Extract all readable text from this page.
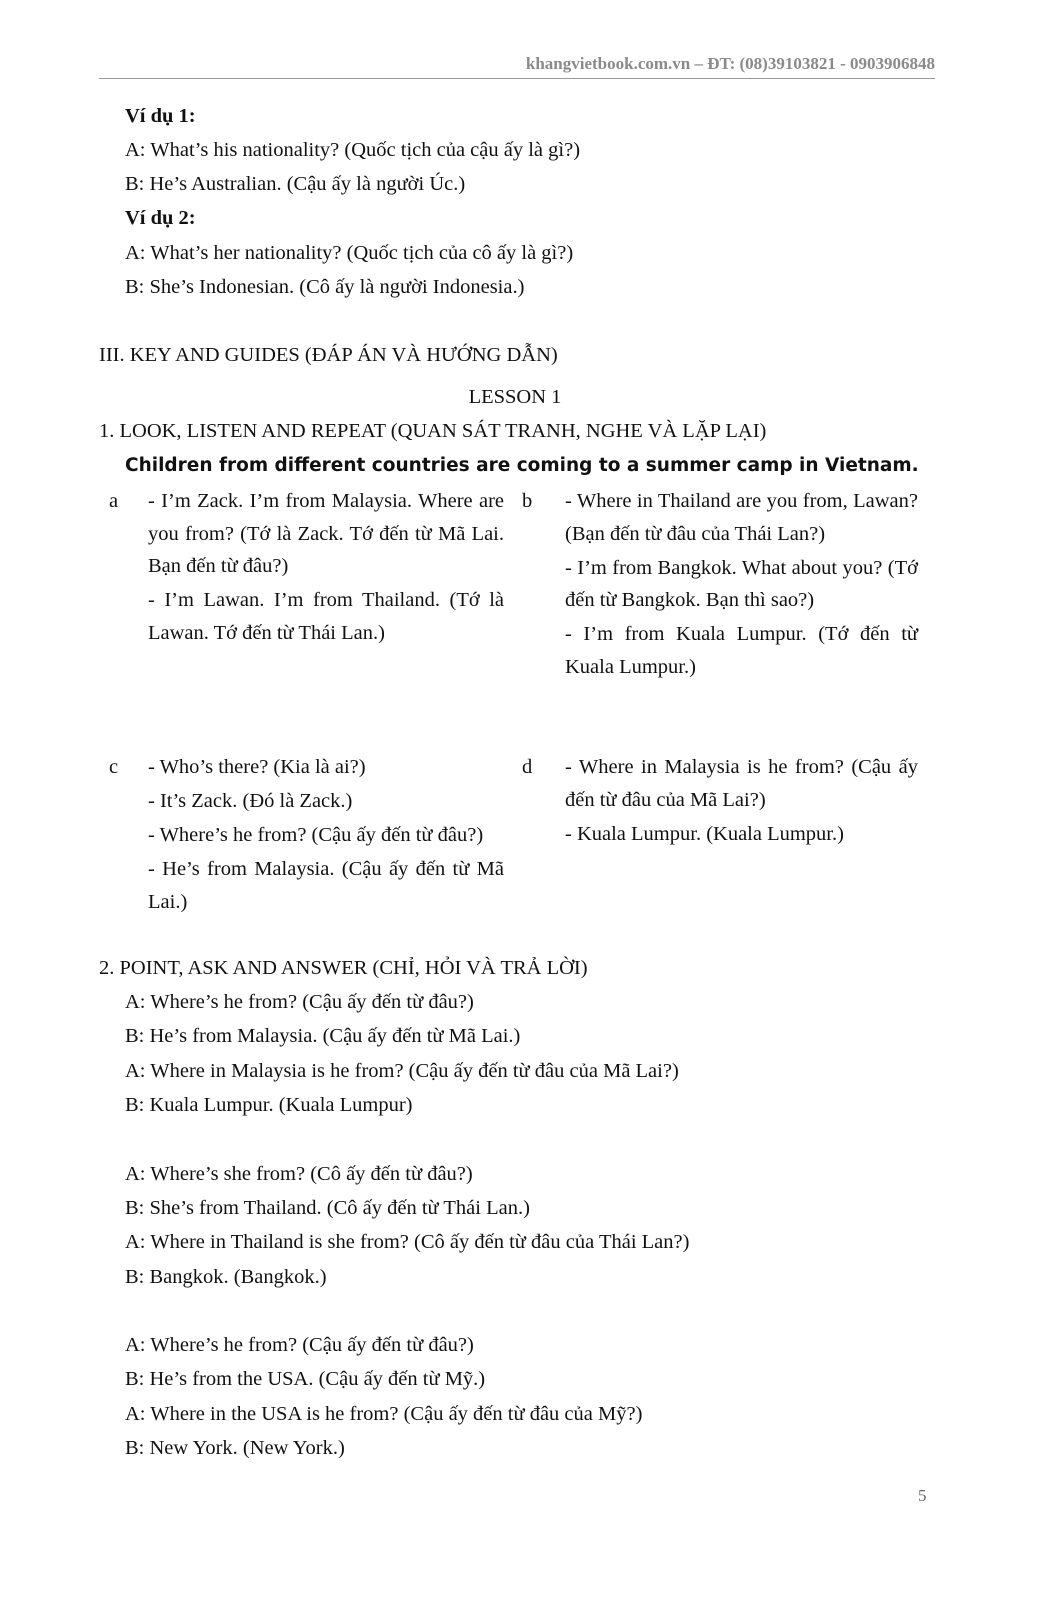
khangvietbook.com.vn – ĐT: (08)39103821 - 0903906848
Ví dụ 1:
A: What’s his nationality? (Quốc tịch của cậu ấy là gì?)
B: He’s Australian. (Cậu ấy là người Úc.)
Ví dụ 2:
A: What’s her nationality? (Quốc tịch của cô ấy là gì?)
B: She’s Indonesian. (Cô ấy là người Indonesia.)
III. KEY AND GUIDES (ĐÁP ÁN VÀ HƯỚNG DẪN)
LESSON 1
1. LOOK, LISTEN AND REPEAT (QUAN SÁT TRANH, NGHE VÀ LẶP LẠI)
Children from different countries are coming to a summer camp in Vietnam.
a - I’m Zack. I’m from Malaysia. Where are you from? (Tớ là Zack. Tớ đến từ Mã Lai. Bạn đến từ đâu?)

- I’m Lawan. I’m from Thailand. (Tớ là Lawan. Tớ đến từ Thái Lan.)

b - Where in Thailand are you from, Lawan? (Bạn đến từ đâu của Thái Lan?)

- I’m from Bangkok. What about you? (Tớ đến từ Bangkok. Bạn thì sao?)

- I’m from Kuala Lumpur. (Tớ đến từ Kuala Lumpur.)

c - Who’s there? (Kia là ai?)

- It’s Zack. (Đó là Zack.)

- Where’s he from? (Cậu ấy đến từ đâu?)

- He’s from Malaysia. (Cậu ấy đến từ Mã Lai.)

d - Where in Malaysia is he from? (Cậu ấy đến từ đâu của Mã Lai?)

- Kuala Lumpur. (Kuala Lumpur.)

2. POINT, ASK AND ANSWER (CHỈ, HỎI VÀ TRẢ LỜI)
A: Where’s he from? (Cậu ấy đến từ đâu?)
B: He’s from Malaysia. (Cậu ấy đến từ Mã Lai.)
A: Where in Malaysia is he from? (Cậu ấy đến từ đâu của Mã Lai?)
B: Kuala Lumpur. (Kuala Lumpur)
A: Where’s she from? (Cô ấy đến từ đâu?)
B: She’s from Thailand. (Cô ấy đến từ Thái Lan.)
A: Where in Thailand is she from? (Cô ấy đến từ đâu của Thái Lan?)
B: Bangkok. (Bangkok.)
A: Where’s he from? (Cậu ấy đến từ đâu?)
B: He’s from the USA. (Cậu ấy đến từ Mỹ.)
A: Where in the USA is he from? (Cậu ấy đến từ đâu của Mỹ?)
B: New York. (New York.)
5
